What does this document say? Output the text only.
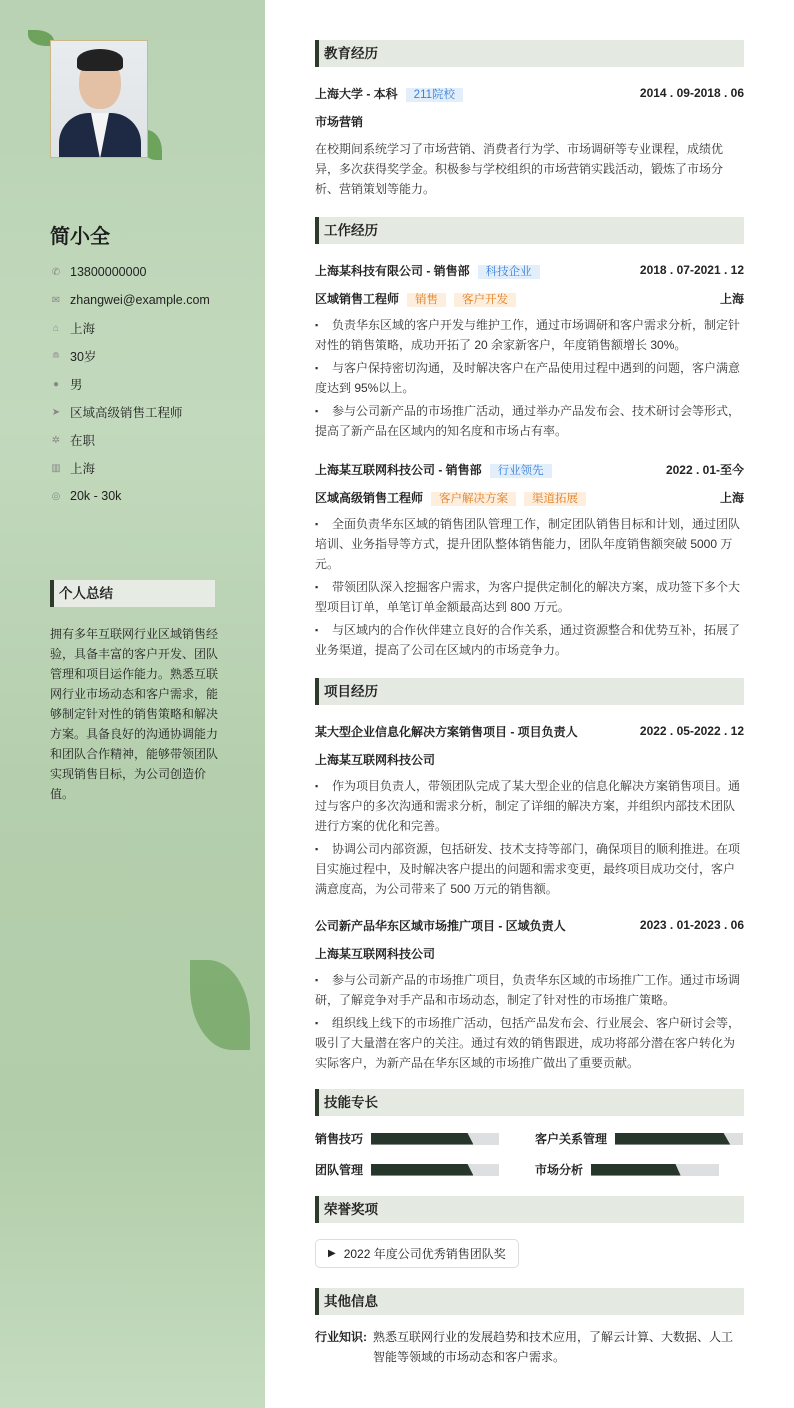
简小全
✆ 13800000000
✉ zhangwei@example.com
⌂ 上海
≘ 30岁
● 男
➤ 区域高级销售工程师
✲ 在职
▥ 上海
◎ 20k - 30k
个人总结
拥有多年互联网行业区域销售经验，具备丰富的客户开发、团队管理和项目运作能力。熟悉互联网行业市场动态和客户需求，能够制定针对性的销售策略和解决方案。具备良好的沟通协调能力和团队合作精神，能够带领团队实现销售目标，为公司创造价值。
教育经历
上海大学 - 本科 211院校	2014 . 09-2018 . 06
市场营销
在校期间系统学习了市场营销、消费者行为学、市场调研等专业课程，成绩优异，多次获得奖学金。积极参与学校组织的市场营销实践活动，锻炼了市场分析、营销策划等能力。
工作经历
上海某科技有限公司 - 销售部 科技企业	2018 . 07-2021 . 12
区域销售工程师 销售 客户开发	上海
▪ 负责华东区域的客户开发与维护工作，通过市场调研和客户需求分析，制定针对性的销售策略，成功开拓了 20 余家新客户，年度销售额增长 30%。
▪ 与客户保持密切沟通，及时解决客户在产品使用过程中遇到的问题，客户满意度达到 95%以上。
▪ 参与公司新产品的市场推广活动，通过举办产品发布会、技术研讨会等形式，提高了新产品在区域内的知名度和市场占有率。
上海某互联网科技公司 - 销售部 行业领先	2022 . 01-至今
区域高级销售工程师 客户解决方案 渠道拓展	上海
▪ 全面负责华东区域的销售团队管理工作，制定团队销售目标和计划，通过团队培训、业务指导等方式，提升团队整体销售能力，团队年度销售额突破 5000 万元。
▪ 带领团队深入挖掘客户需求，为客户提供定制化的解决方案，成功签下多个大型项目订单，单笔订单金额最高达到 800 万元。
▪ 与区域内的合作伙伴建立良好的合作关系，通过资源整合和优势互补，拓展了业务渠道，提高了公司在区域内的市场竞争力。
项目经历
某大型企业信息化解决方案销售项目 - 项目负责人	2022 . 05-2022 . 12
上海某互联网科技公司
▪ 作为项目负责人，带领团队完成了某大型企业的信息化解决方案销售项目。通过与客户的多次沟通和需求分析，制定了详细的解决方案，并组织内部技术团队进行方案的优化和完善。
▪ 协调公司内部资源，包括研发、技术支持等部门，确保项目的顺利推进。在项目实施过程中，及时解决客户提出的问题和需求变更，最终项目成功交付，客户满意度高，为公司带来了 500 万元的销售额。
公司新产品华东区域市场推广项目 - 区域负责人	2023 . 01-2023 . 06
上海某互联网科技公司
▪ 参与公司新产品的市场推广项目，负责华东区域的市场推广工作。通过市场调研，了解竞争对手产品和市场动态，制定了针对性的市场推广策略。
▪ 组织线上线下的市场推广活动，包括产品发布会、行业展会、客户研讨会等，吸引了大量潜在客户的关注。通过有效的销售跟进，成功将部分潜在客户转化为实际客户，为新产品在华东区域的市场推广做出了重要贡献。
技能专长
销售技巧	客户关系管理
团队管理	市场分析
荣誉奖项
▶ 2022 年度公司优秀销售团队奖
其他信息
行业知识: 熟悉互联网行业的发展趋势和技术应用，了解云计算、大数据、人工智能等领域的市场动态和客户需求。
